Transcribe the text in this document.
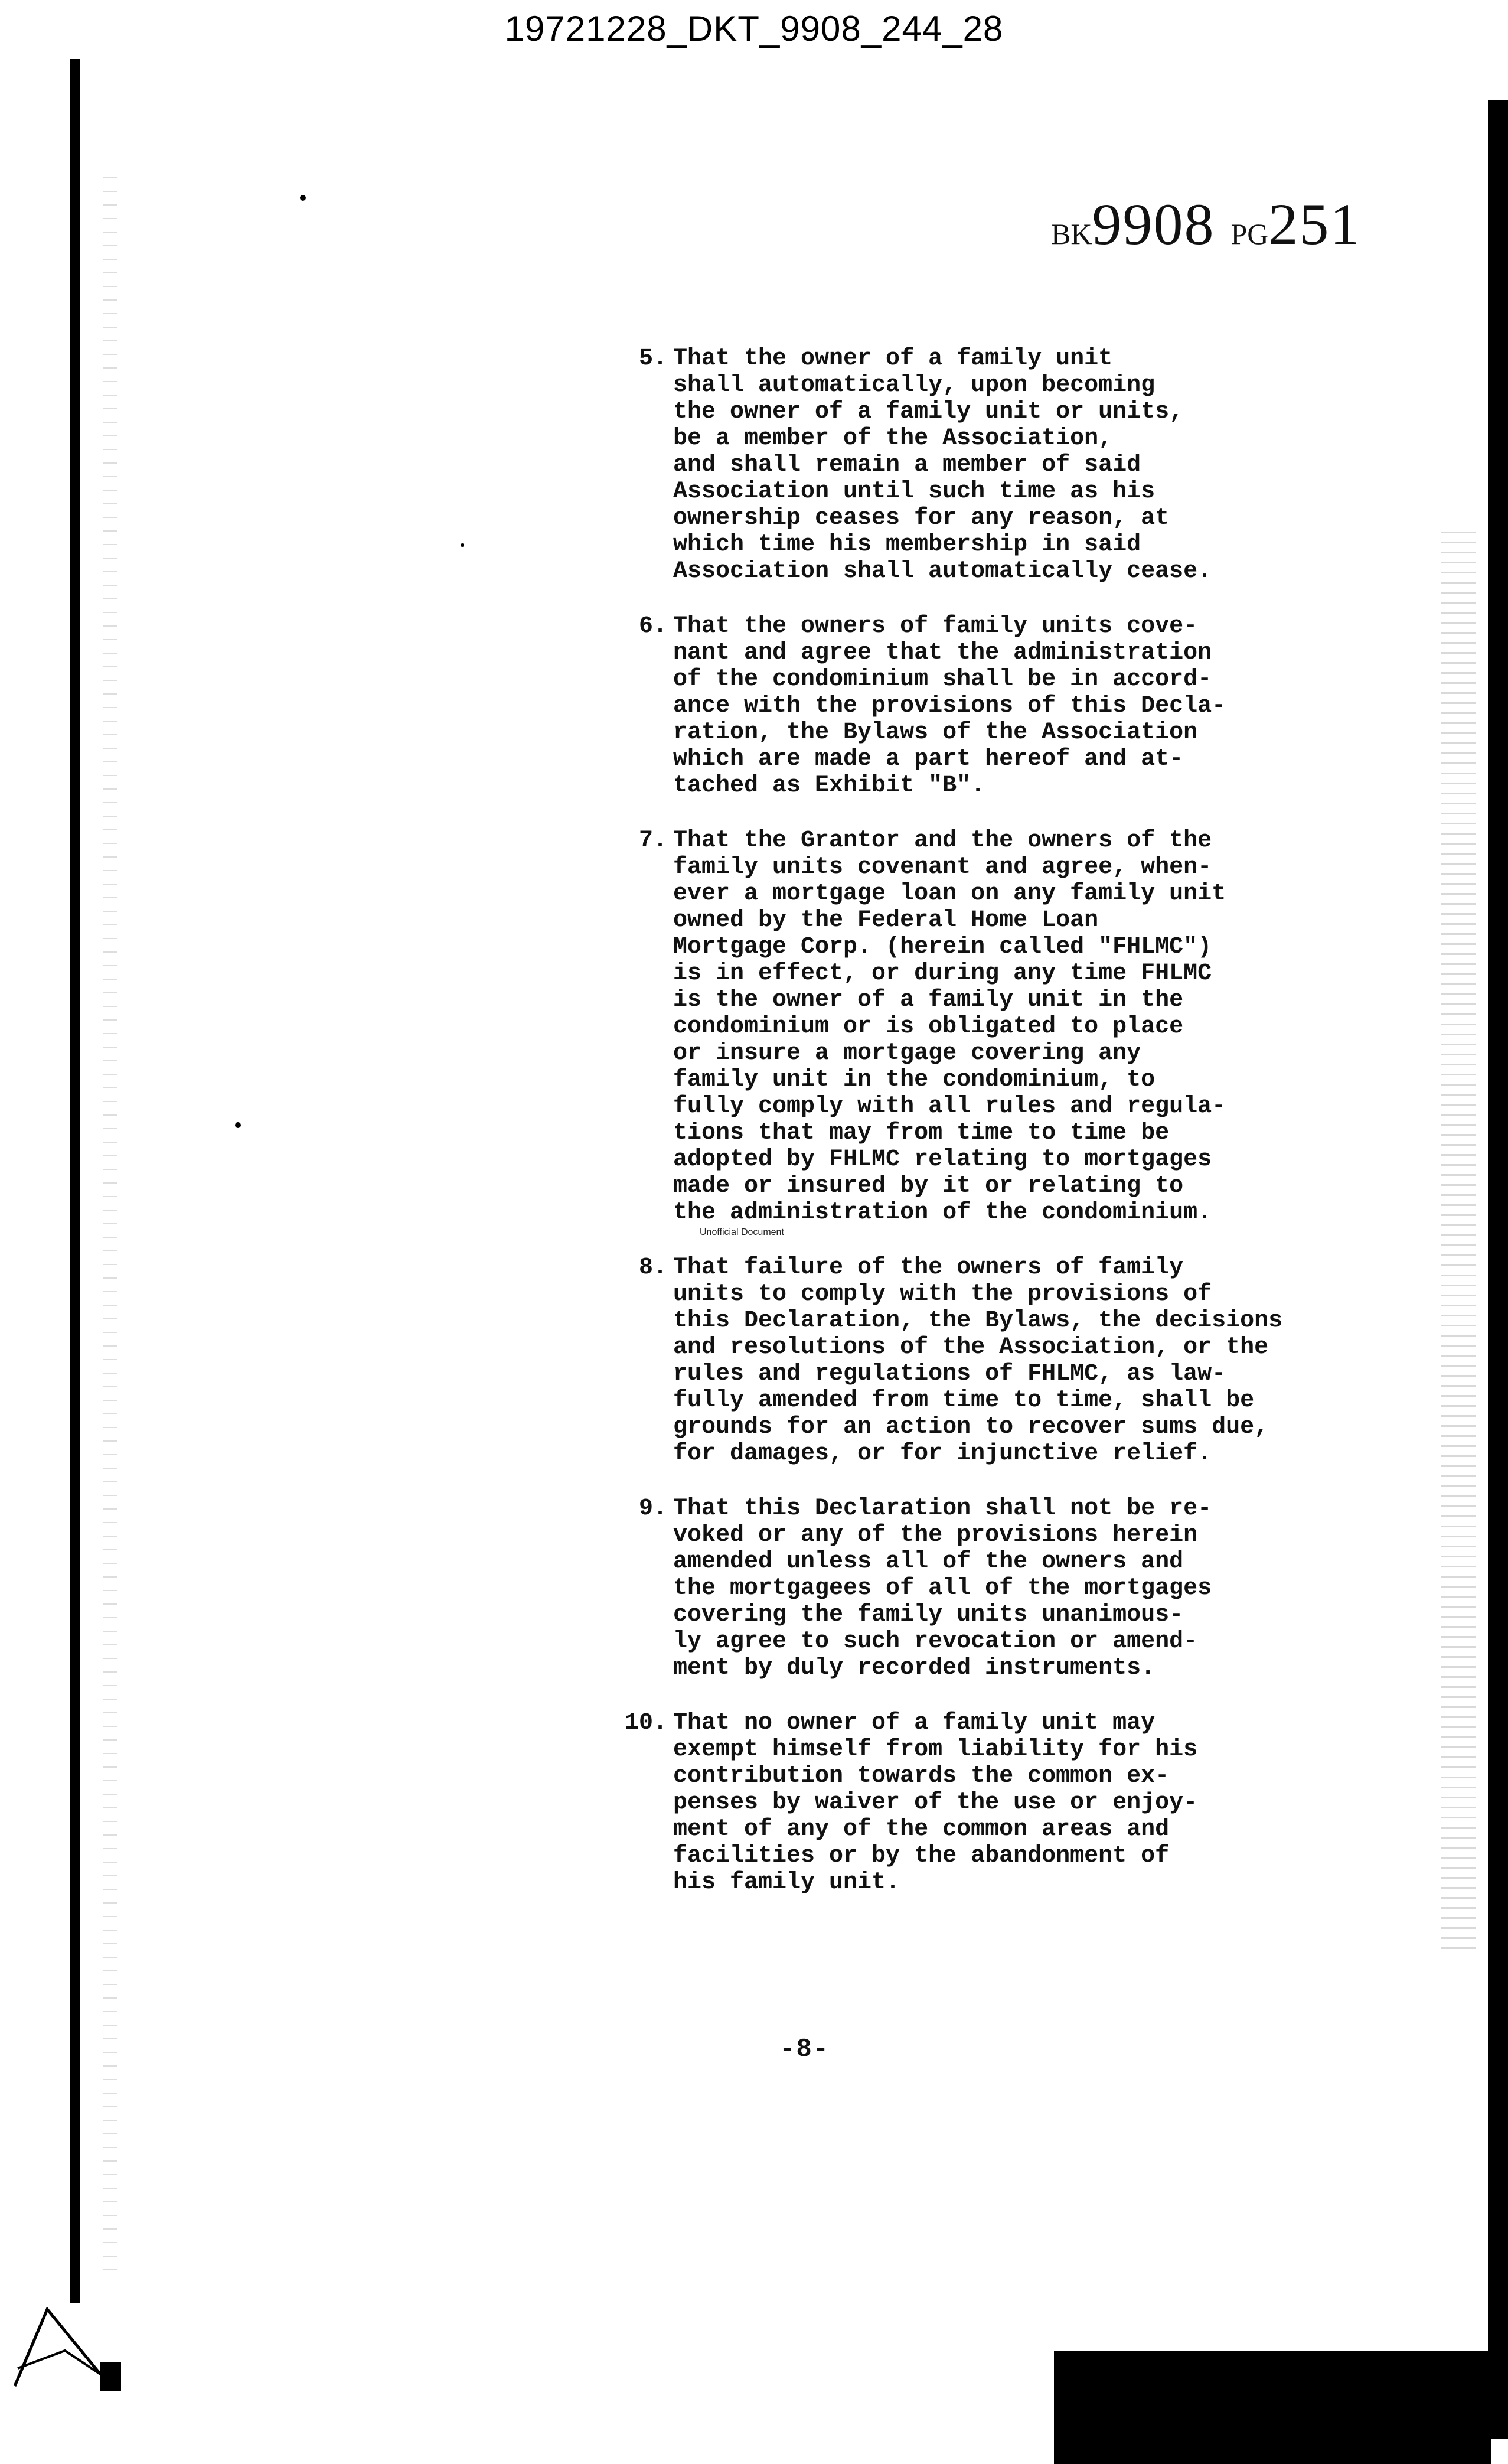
19721228_DKT_9908_244_28
BK9908 PG251
5. That the owner of a family unit
shall automatically, upon becoming
the owner of a family unit or units,
be a member of the Association,
and shall remain a member of said
Association until such time as his
ownership ceases for any reason, at
which time his membership in said
Association shall automatically cease.
6. That the owners of family units cove-
nant and agree that the administration
of the condominium shall be in accord-
ance with the provisions of this Decla-
ration, the Bylaws of the Association
which are made a part hereof and at-
tached as Exhibit "B".
7. That the Grantor and the owners of the
family units covenant and agree, when-
ever a mortgage loan on any family unit
owned by the Federal Home Loan
Mortgage Corp. (herein called "FHLMC")
is in effect, or during any time FHLMC
is the owner of a family unit in the
condominium or is obligated to place
or insure a mortgage covering any
family unit in the condominium, to
fully comply with all rules and regula-
tions that may from time to time be
adopted by FHLMC relating to mortgages
made or insured by it or relating to
the administration of the condominium.
8. That failure of the owners of family
units to comply with the provisions of
this Declaration, the Bylaws, the decisions
and resolutions of the Association, or the
rules and regulations of FHLMC, as law-
fully amended from time to time, shall be
grounds for an action to recover sums due,
for damages, or for injunctive relief.
9. That this Declaration shall not be re-
voked or any of the provisions herein
amended unless all of the owners and
the mortgagees of all of the mortgages
covering the family units unanimous-
ly agree to such revocation or amend-
ment by duly recorded instruments.
10. That no owner of a family unit may
exempt himself from liability for his
contribution towards the common ex-
penses by waiver of the use or enjoy-
ment of any of the common areas and
facilities or by the abandonment of
his family unit.
Unofficial Document
-8-
